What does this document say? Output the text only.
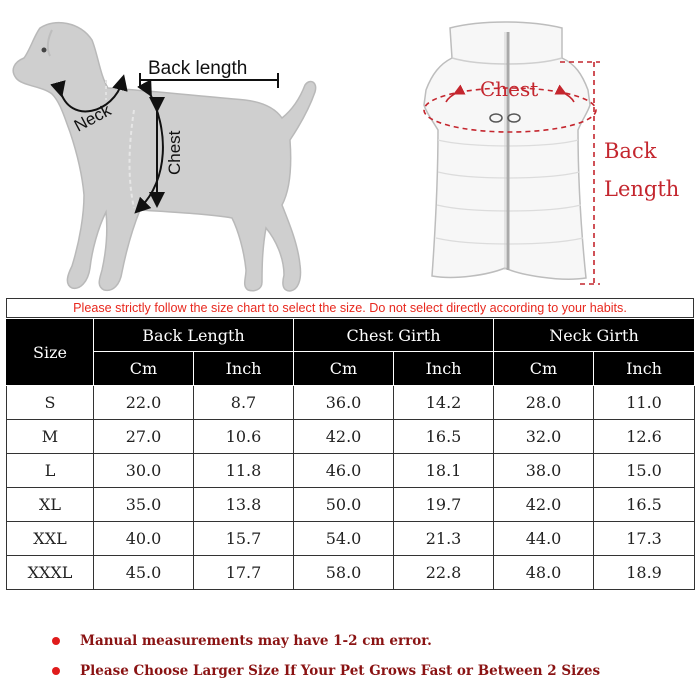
Back length
Neck
Chest
Chest
Back Length
Please strictly follow the size chart to select the size. Do not select directly according to your habits.
Size	Back Length		Chest Girth		Neck Girth	
	Cm	Inch	Cm	Inch	Cm	Inch
S	22.0	8.7	36.0	14.2	28.0	11.0
M	27.0	10.6	42.0	16.5	32.0	12.6
L	30.0	11.8	46.0	18.1	38.0	15.0
XL	35.0	13.8	50.0	19.7	42.0	16.5
XXL	40.0	15.7	54.0	21.3	44.0	17.3
XXXL	45.0	17.7	58.0	22.8	48.0	18.9
Manual measurements may have 1-2 cm error.
Please Choose Larger Size If Your Pet Grows Fast or Between 2 Sizes
